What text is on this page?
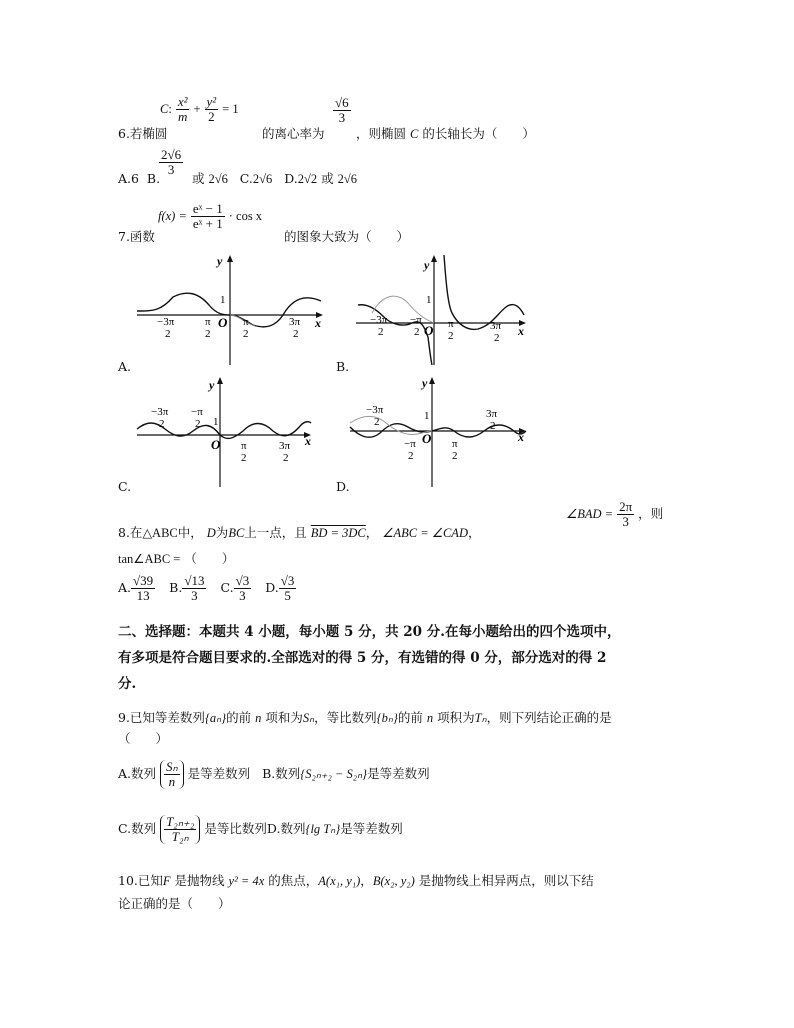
C: $\frac{\text{x²}}{m} + \frac{\text{y²}}{2} = 1$
6.若椭圆	的离心率为
$\frac{√6}{3}$
，则椭圆 C 的长轴长为（　　）
A.6 B.
$\frac{2√6}{3}$
或 2√6 C.2√6 D.2√2 或 2√6
7.函数
$f(x) = \frac{\text{eˣ − 1}}{\text{eˣ + 1}} \cdot \cos x$
的图象大致为（　　）
y
x
O
1
−3π
2
π
2
π
2
3π
2
A.
y
x
O
1
−3π
2
−π
2
π
2
3π
2
B.
y
x
O
1
−3π
2
−π
2
π
2
3π
2
C.
y
x
O
1
−3π
2
−π
2
π
2
3π
2
D.
8.在△ABC中， D为BC上一点，且 BD = 3DC， ∠ABC = ∠CAD，
∠BAD = $\frac{2\pi}{3}$ ，则
tan∠ABC = （　　）
A. $\frac{√39}{13} B$. $\frac{√13}{3} C$. $\frac{√3}{3} D$. $\frac{√3}{5}$
二、选择题：本题共 4 小题，每小题 5 分，共 20 分.在每小题给出的四个选项中，
有多项是符合题目要求的.全部选对的得 5 分，有选错的得 0 分，部分选对的得 2
分.
9.已知等差数列{aₙ}的前 n 项和为Sₙ，等比数列{bₙ}的前 n 项积为Tₙ，则下列结论正确的是
（　　）
A.数列 $\frac{\text{Sₙ}}{n}$ 是等差数列 B.数列{S₂ₙ₊₂ − S₂ₙ}是等差数列
C.数列 $\frac{\text{T₂ₙ₊₂}}{\text{T₂ₙ}}$ 是等比数列D.数列{lg Tₙ}是等差数列
10.已知F 是抛物线 y² = 4x 的焦点，A(x₁, y₁)，B(x₂, y₂) 是抛物线上相异两点，则以下结
论正确的是（　　）
